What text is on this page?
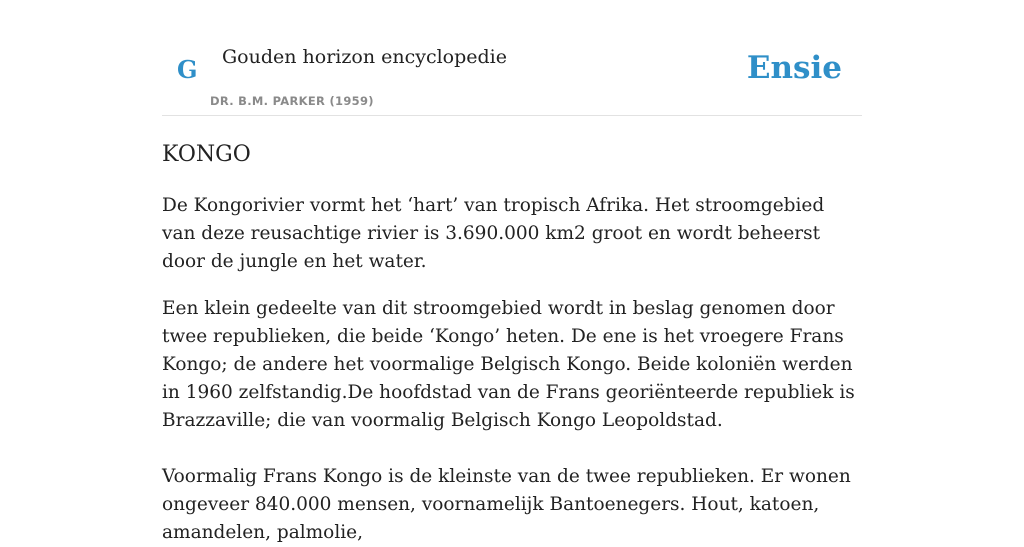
G Gouden horizon encyclopedie
DR. B.M. PARKER (1959)
Ensie
KONGO

De Kongorivier vormt het ‘hart’ van tropisch Afrika. Het stroomgebied van deze reusachtige rivier is 3.690.000 km2 groot en wordt beheerst door de jungle en het water.

Een klein gedeelte van dit stroomgebied wordt in beslag genomen door twee republieken, die beide ‘Kongo’ heten. De ene is het vroegere Frans Kongo; de andere het voormalige Belgisch Kongo. Beide koloniën werden in 1960 zelfstandig.De hoofdstad van de Frans georiënteerde republiek is Brazzaville; die van voormalig Belgisch Kongo Leopoldstad.

Voormalig Frans Kongo is de kleinste van de twee republieken. Er wonen ongeveer 840.000 mensen, voornamelijk Bantoenegers. Hout, katoen, amandelen, palmolie,
